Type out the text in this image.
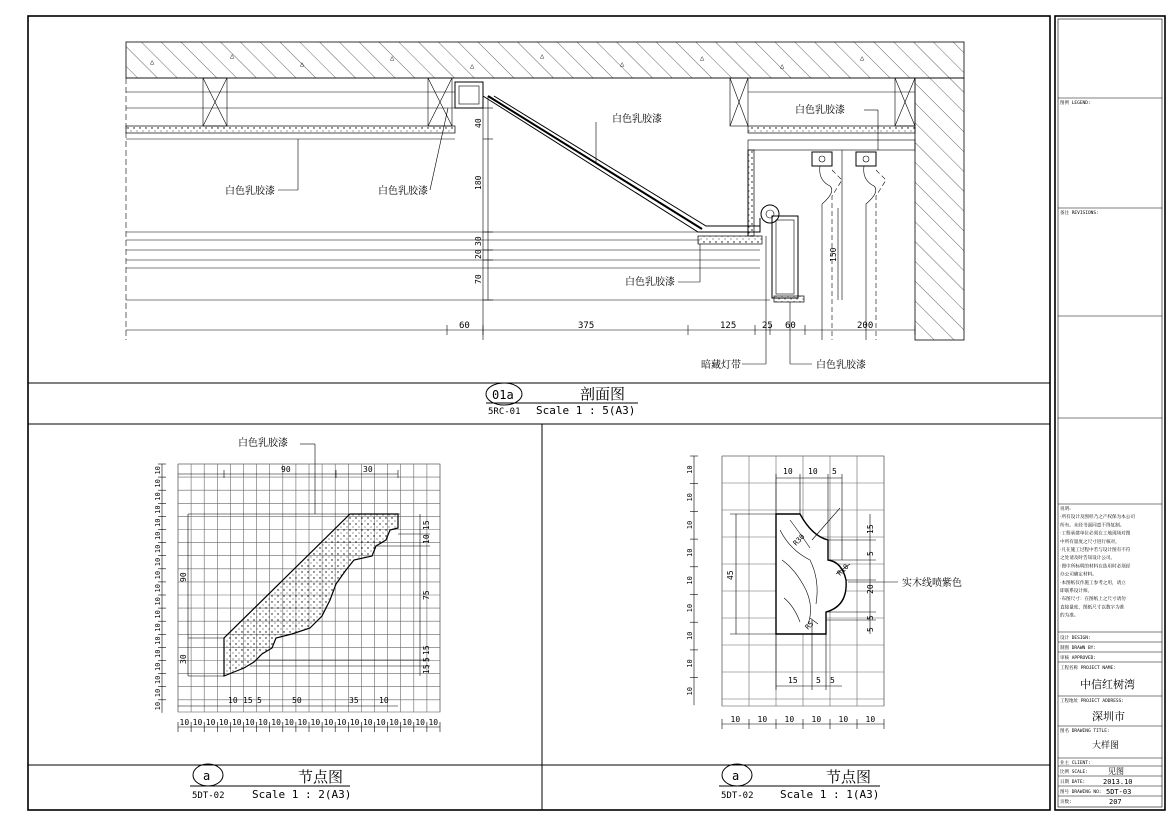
△
△
△
△
△
△
△
△
△
△
60	375	125	25 60	200
40
180
30
20
70
150
白色乳胶漆	白色乳胶漆
白色乳胶漆
白色乳胶漆
白色乳胶漆
暗藏灯带	白色乳胶漆
01a	剖面图
5RC-01 Scale 1 : 5(A3)
10 10 10 10 10 10 10 10 10 10 10 10 10 10 10 10 10 10 10 10
10
10
10
10
10
10
10
10
10
10
10
10
10
10
10
10
10
10
10
白色乳胶漆
90	30
10 15 5	50	35	10
90
30
15
10
75
15
5
15
a	节点图
5DT-02 Scale 1 : 2(A3)
10 10 10 10 10 10
10
10
10
10
10
10
10
10
10
实木线喷紫色
10 10 5
15 5 5
45
15
5
20
5
5
R30
R10
R5
a	节点图
5DT-02 Scale 1 : 1(A3)
图例 LEGEND:
备注 REVISIONS:
说明:
·所有设计及图样乃之产权保为本公司
所有。未经书面同意不得复制。
·工程承建单位必须在工地现场对图
中所有量度之尺寸进行核对。
·凡在施工过程中若与设计图有不符
之处请及时告知设计公司。
·图中所标明的材料在选用时必须经
办公司确定材料。
·本图纸仅作施工参考之用，请立
即联系设计师。
·布图尺寸：在图纸上之尺寸请勿
直接量度，图纸尺寸以数字为准
的为准。
设计 DESIGN:
制图 DRAWN BY:
审核 APPROVED:
工程名称 PROJECT NAME:
中信红树湾
工程地址 PROJECT ADDRESS:
深圳市
图名 DRAWING TITLE:
大样图
业主 CLIENT:
比例 SCALE:	见图
日期 DATE:	2013.10
图号 DRAWING NO: 5DT-03
页数:	207
